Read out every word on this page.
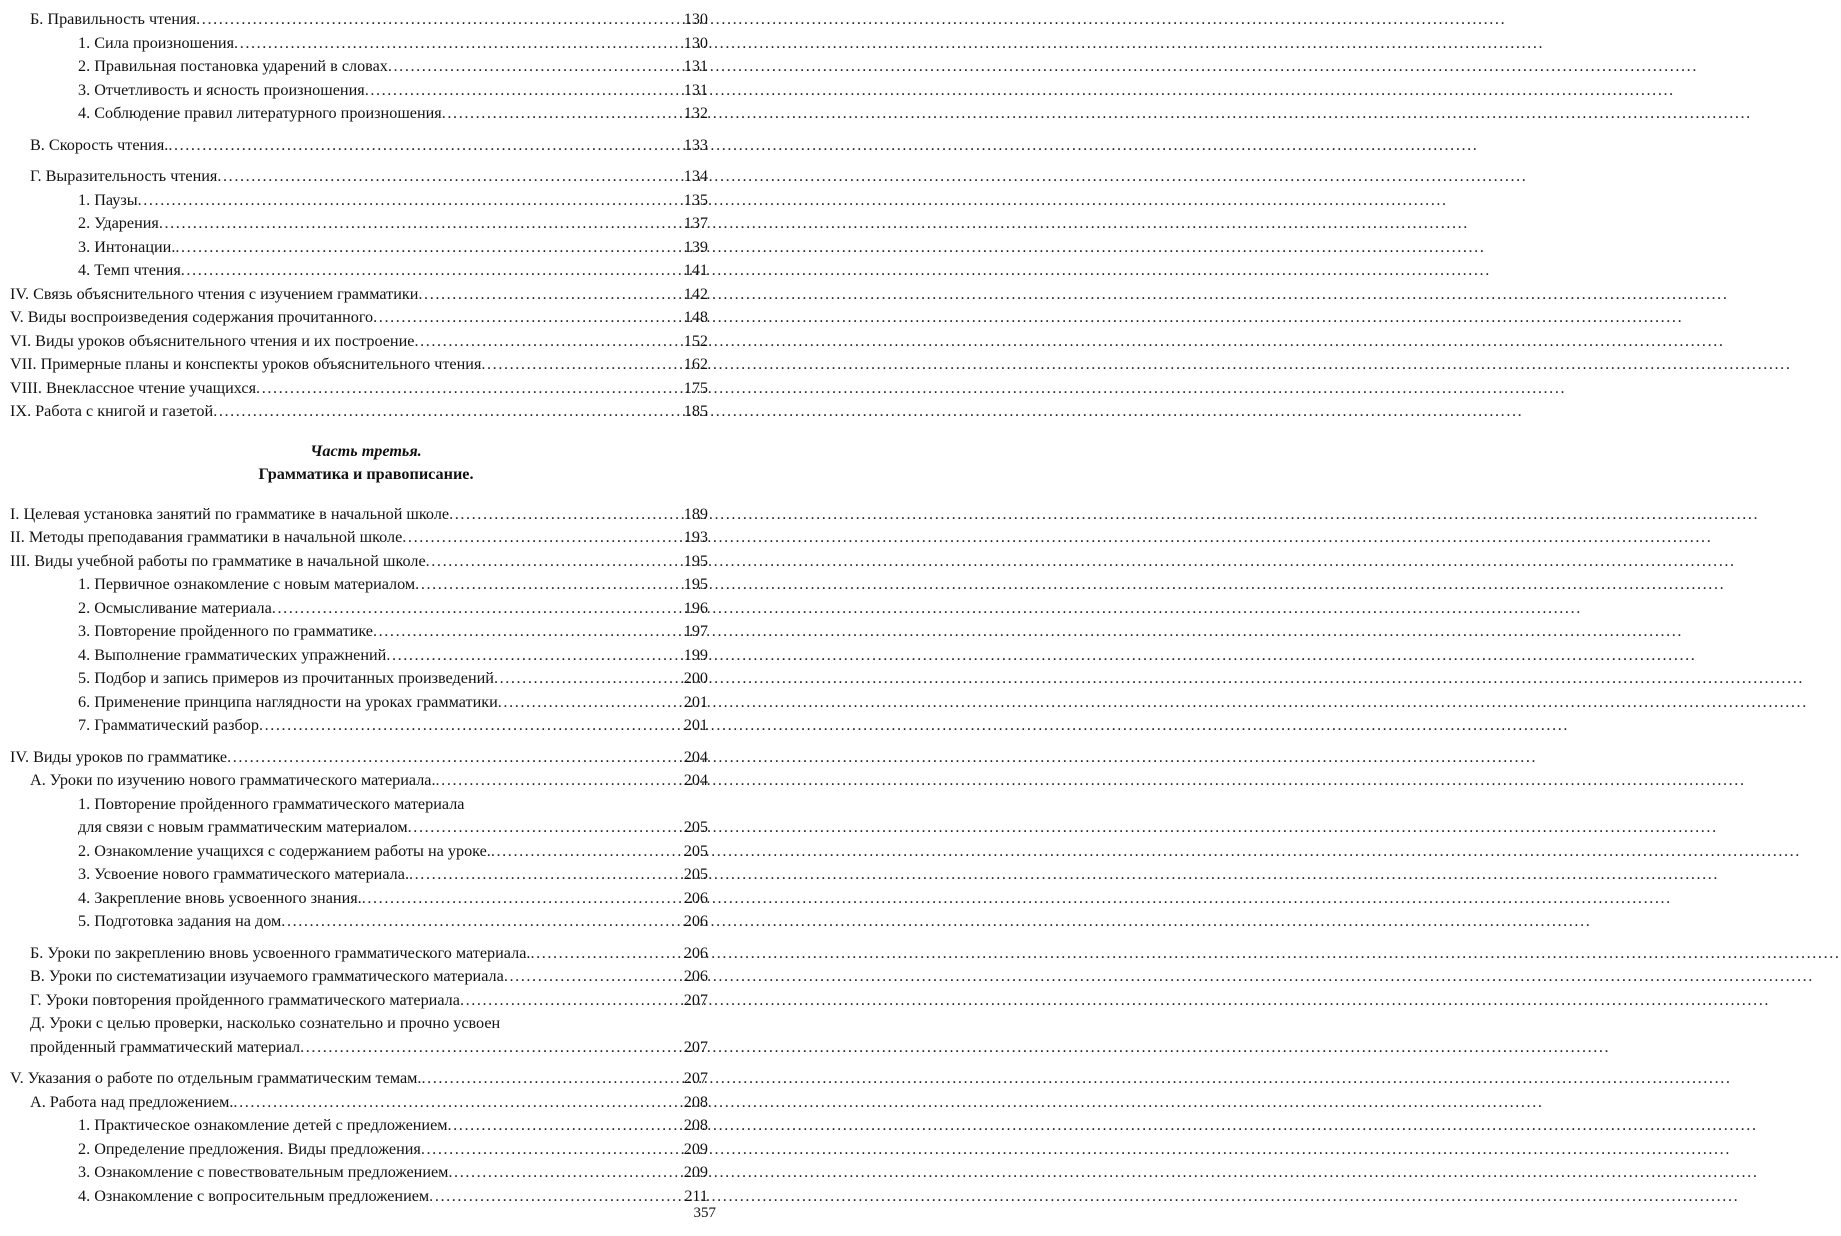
Б. Правильность чтения .....	130
1. Сила произношения .....	130
2. Правильная постановка ударений в словах .....	131
3. Отчетливость и ясность произношения .....	131
4. Соблюдение правил литературного произношения .....	132
В. Скорость чтения. .....	133
Г. Выразительность чтения .....	134
1. Паузы .....	135
2. Ударения .....	137
3. Интонации. .....	139
4. Темп чтения .....	141
IV. Связь объяснительного чтения с изучением грамматики .....	142
V. Виды воспроизведения содержания прочитанного .....	148
VI. Виды уроков объяснительного чтения и их построение .....	152
VII. Примерные планы и конспекты уроков объяснительного чтения .....	162
VIII. Внеклассное чтение учащихся .....	175
IX. Работа с книгой и газетой .....	185
Часть третья.
Грамматика и правописание.
I. Целевая установка занятий по грамматике в начальной школе .....	189
II. Методы преподавания грамматики в начальной школе .....	193
III. Виды учебной работы по грамматике в начальной школе .....	195
1. Первичное ознакомление с новым материалом .....	195
2. Осмысливание материала .....	196
3. Повторение пройденного по грамматике .....	197
4. Выполнение грамматических упражнений .....	199
5. Подбор и запись примеров из прочитанных произведений .....	200
6. Применение принципа наглядности на уроках грамматики .....	201
7. Грамматический разбор .....	201
IV. Виды уроков по грамматике .....	204
А. Уроки по изучению нового грамматического материала. .....	204
1. Повторение пройденного грамматического материала
для связи с новым грамматическим материалом .....	205
2. Ознакомление учащихся с содержанием работы на уроке. .....	205
3. Усвоение нового грамматического материала. .....	205
4. Закрепление вновь усвоенного знания. .....	206
5. Подготовка задания на дом .....	206
Б. Уроки по закреплению вновь усвоенного грамматического материала. .....	206
В. Уроки по систематизации изучаемого грамматического материала .....	206
Г. Уроки повторения пройденного грамматического материала .....	207
Д. Уроки с целью проверки, насколько сознательно и прочно усвоен
пройденный грамматический материал .....	207
V. Указания о работе по отдельным грамматическим темам. .....	207
А. Работа над предложением. .....	208
1. Практическое ознакомление детей с предложением .....	208
2. Определение предложения. Виды предложения .....	209
3. Ознакомление с повествовательным предложением .....	209
4. Ознакомление с вопросительным предложением .....	211
357
